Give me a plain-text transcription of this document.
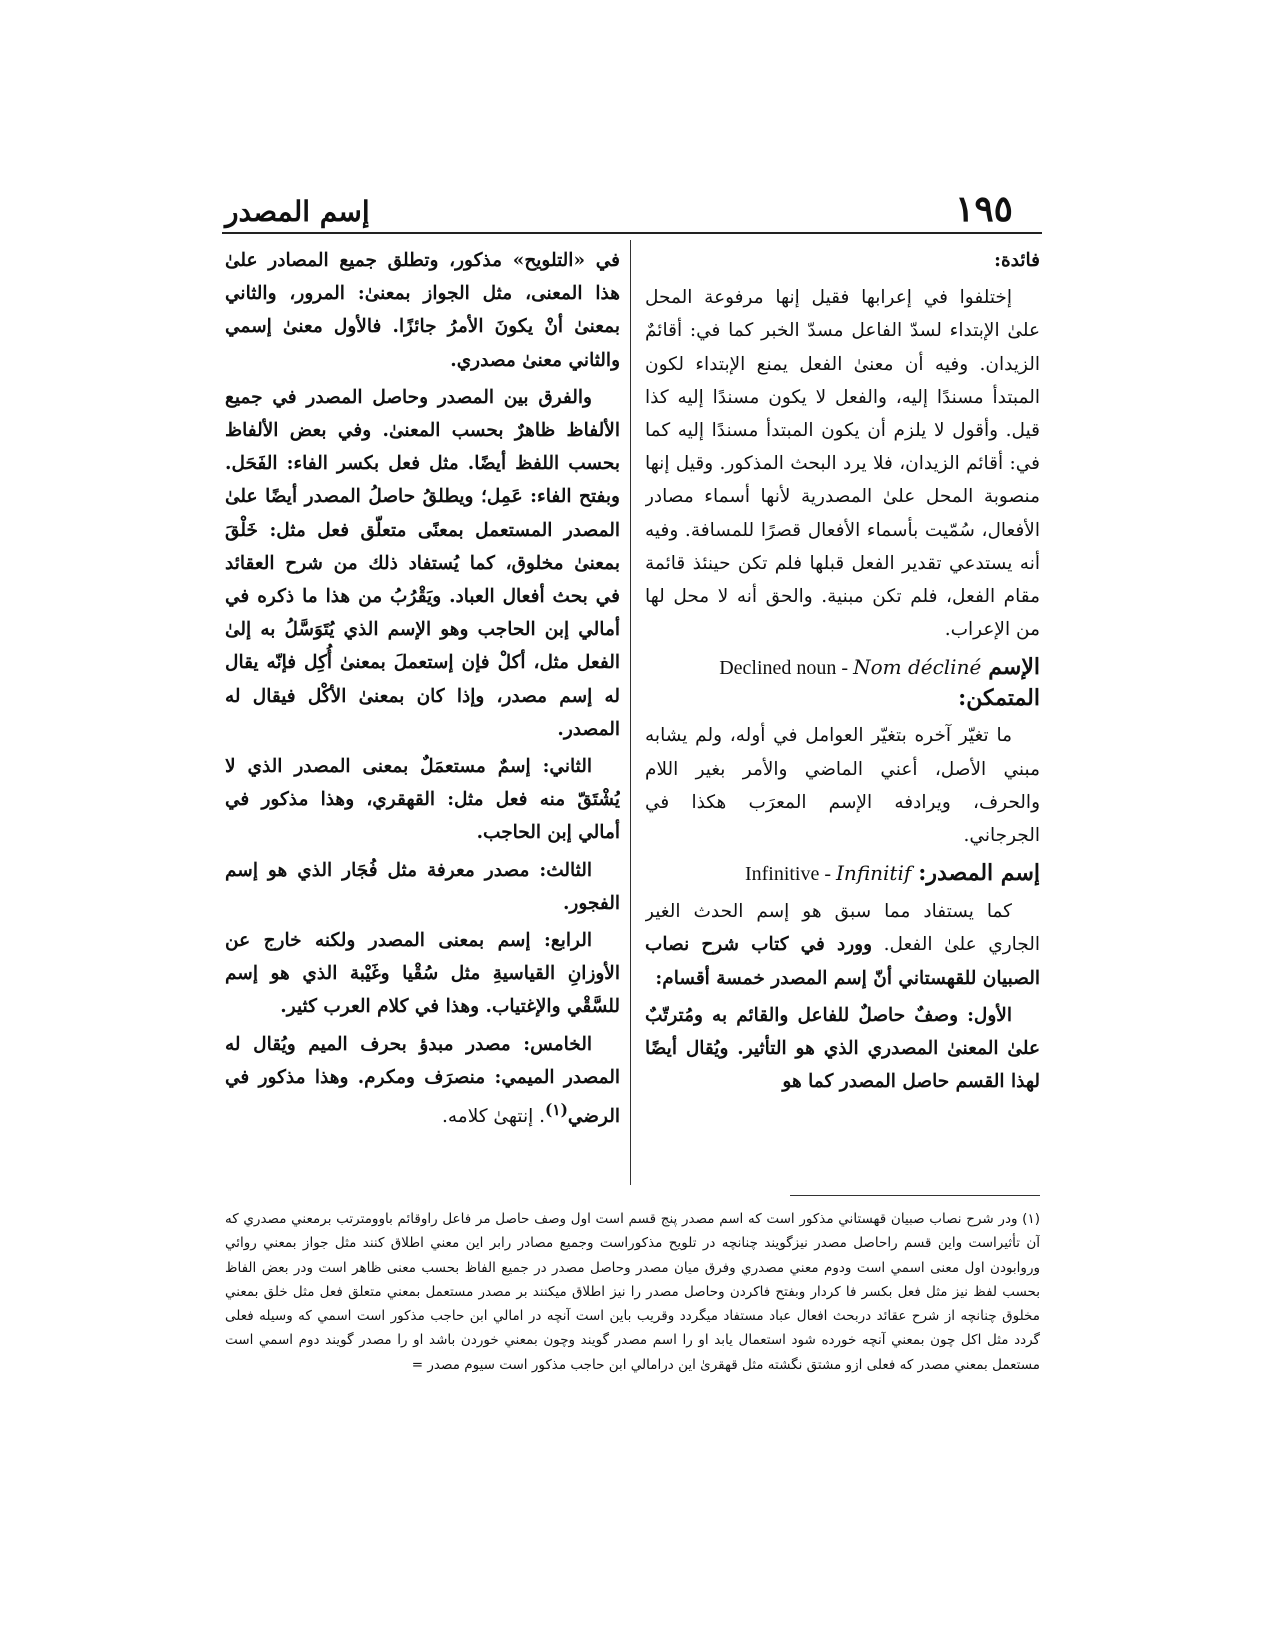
١٩٥
إسم المصدر

فائدة:

إختلفوا في إعرابها فقيل إنها مرفوعة المحل علىٰ الإبتداء لسدّ الفاعل مسدّ الخبر كما في: أقائمٌ الزيدان. وفيه أن معنىٰ الفعل يمنع الإبتداء لكون المبتدأ مسندًا إليه، والفعل لا يكون مسندًا إليه كذا قيل. وأقول لا يلزم أن يكون المبتدأ مسندًا إليه كما في: أقائم الزيدان، فلا يرد البحث المذكور. وقيل إنها منصوبة المحل علىٰ المصدرية لأنها أسماء مصادر الأفعال، سُمّيت بأسماء الأفعال قصرًا للمسافة. وفيه أنه يستدعي تقدير الفعل قبلها فلم تكن حينئذ قائمة مقام الفعل، فلم تكن مبنية. والحق أنه لا محل لها من الإعراب.

Declined noun - Nom décliné الإسم المتمكن:

ما تغيّر آخره بتغيّر العوامل في أوله، ولم يشابه مبني الأصل، أعني الماضي والأمر بغير اللام والحرف، ويرادفه الإسم المعرَب هكذا في الجرجاني.

Infinitive - Infinitif إسم المصدر:

كما يستفاد مما سبق هو إسم الحدث الغير الجاري علىٰ الفعل. وورد في كتاب شرح نصاب الصبيان للقهستاني أنّ إسم المصدر خمسة أقسام:

الأول: وصفٌ حاصلٌ للفاعل والقائم به ومُترتّبٌ علىٰ المعنىٰ المصدري الذي هو التأثير. ويُقال أيضًا لهذا القسم حاصل المصدر كما هو

في «التلويح» مذكور، وتطلق جميع المصادر علىٰ هذا المعنى، مثل الجواز بمعنىٰ: المرور، والثاني بمعنىٰ أنْ يكونَ الأمرُ جائزًا. فالأول معنىٰ إسمي والثاني معنىٰ مصدري.

والفرق بين المصدر وحاصل المصدر في جميع الألفاظ ظاهرٌ بحسب المعنىٰ. وفي بعض الألفاظ بحسب اللفظ أيضًا. مثل فعل بكسر الفاء: الفَحَل. وبفتح الفاء: عَمِل؛ ويطلقُ حاصلُ المصدر أيضًا علىٰ المصدر المستعمل بمعنًى متعلّق فعل مثل: خَلْقَ بمعنىٰ مخلوق، كما يُستفاد ذلك من شرح العقائد في بحث أفعال العباد. ويَقْرُبُ من هذا ما ذكره في أمالي إبن الحاجب وهو الإسم الذي يُتَوَسَّلُ به إلىٰ الفعل مثل، أكلْ فإن إستعملَ بمعنىٰ أُكِل فإنّه يقال له إسم مصدر، وإذا كان بمعنىٰ الأكْل فيقال له المصدر.

الثاني: إسمٌ مستعمَلٌ بمعنى المصدر الذي لا يُشْتَقّ منه فعل مثل: القهقري، وهذا مذكور في أمالي إبن الحاجب.

الثالث: مصدر معرفة مثل فُجَار الذي هو إسم الفجور.

الرابع: إسم بمعنى المصدر ولكنه خارج عن الأوزانِ القياسيةِ مثل سُقْيا وغَيْبة الذي هو إسم للسَّقْي والإغتياب. وهذا في كلام العرب كثير.

الخامس: مصدر مبدؤ بحرف الميم ويُقال له المصدر الميمي: منصرَف ومكرم. وهذا مذكور في الرضي$^{(١)}$. إنتهىٰ كلامه.

(١) ودر شرح نصاب صبيان قهستاني مذكور است كه اسم مصدر پنج قسم است اول وصف حاصل مر فاعل راوقائم باوومترتب برمعني مصدري كه آن تأثيراست واين قسم راحاصل مصدر نيزگويند چنانچه در تلويح مذكوراست وجميع مصادر رابر اين معني اطلاق كنند مثل جواز بمعني روائي وروابودن اول معنى اسمي است ودوم معني مصدري وفرق ميان مصدر وحاصل مصدر در جميع الفاظ بحسب معنى ظاهر است ودر بعض الفاظ بحسب لفظ نيز مثل فعل بكسر فا كردار وبفتح فاكردن وحاصل مصدر را نيز اطلاق ميكنند بر مصدر مستعمل بمعني متعلق فعل مثل خلق بمعني مخلوق چنانچه از شرح عقائد دربحث افعال عباد مستفاد ميگردد وقريب باين است آنچه در امالي ابن حاجب مذكور است اسمي كه وسيله فعلى گردد مثل اكل چون بمعني آنچه خورده شود استعمال يابد او را اسم مصدر گويند وچون بمعني خوردن باشد او را مصدر گويند دوم اسمي است مستعمل بمعني مصدر كه فعلى ازو مشتق نگشته مثل قهقرىٰ اين درامالي ابن حاجب مذكور است سيوم مصدر =
